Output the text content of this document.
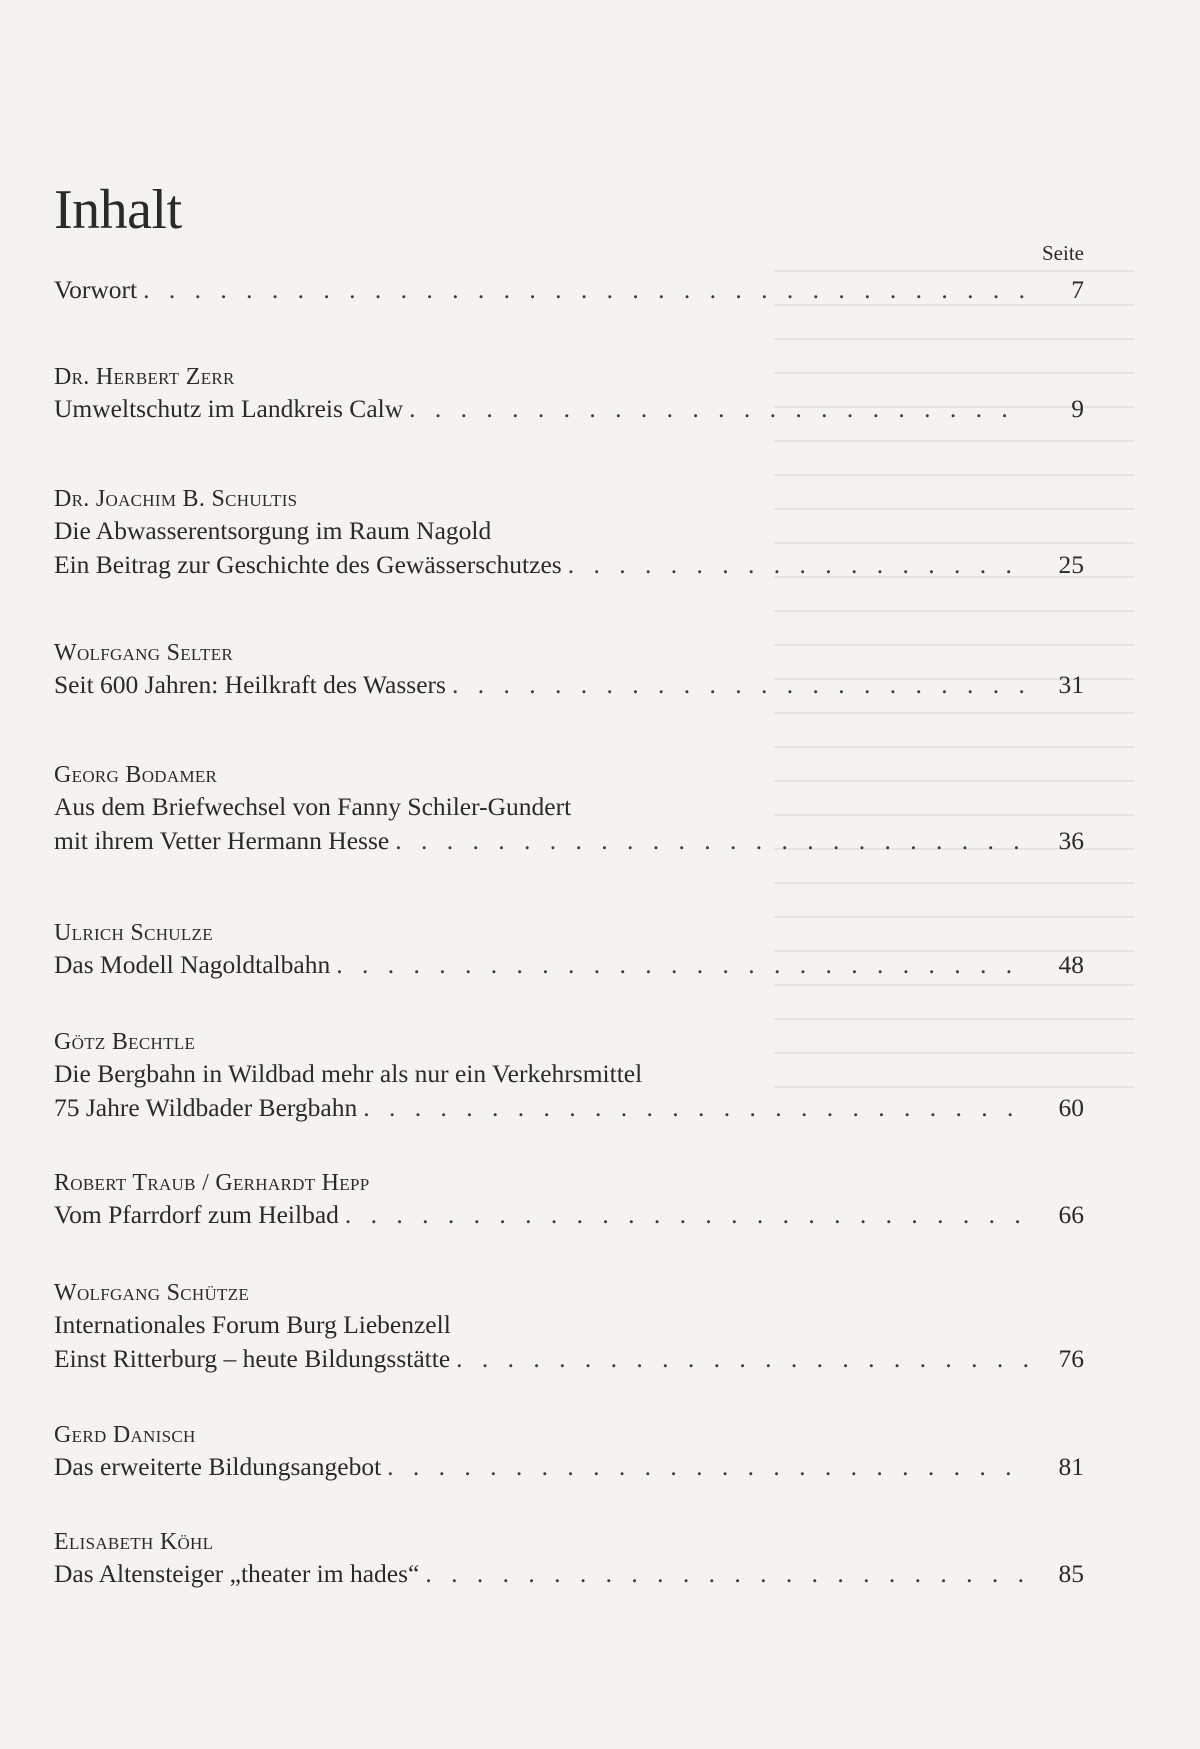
Inhalt
Seite
Vorwort . . .	7
Dr. Herbert Zerr
Umweltschutz im Landkreis Calw . . .	9
Dr. Joachim B. Schultis
Die Abwasserentsorgung im Raum Nagold
Ein Beitrag zur Geschichte des Gewässerschutzes . . .	25
Wolfgang Selter
Seit 600 Jahren: Heilkraft des Wassers . . .	31
Georg Bodamer
Aus dem Briefwechsel von Fanny Schiler-Gundert
mit ihrem Vetter Hermann Hesse . . .	36
Ulrich Schulze
Das Modell Nagoldtalbahn . . .	48
Götz Bechtle
Die Bergbahn in Wildbad mehr als nur ein Verkehrsmittel
75 Jahre Wildbader Bergbahn . . .	60
Robert Traub / Gerhardt Hepp
Vom Pfarrdorf zum Heilbad . . .	66
Wolfgang Schütze
Internationales Forum Burg Liebenzell
Einst Ritterburg – heute Bildungsstätte . . .	76
Gerd Danisch
Das erweiterte Bildungsangebot . . .	81
Elisabeth Köhl
Das Altensteiger „theater im hades“ . . .	85
